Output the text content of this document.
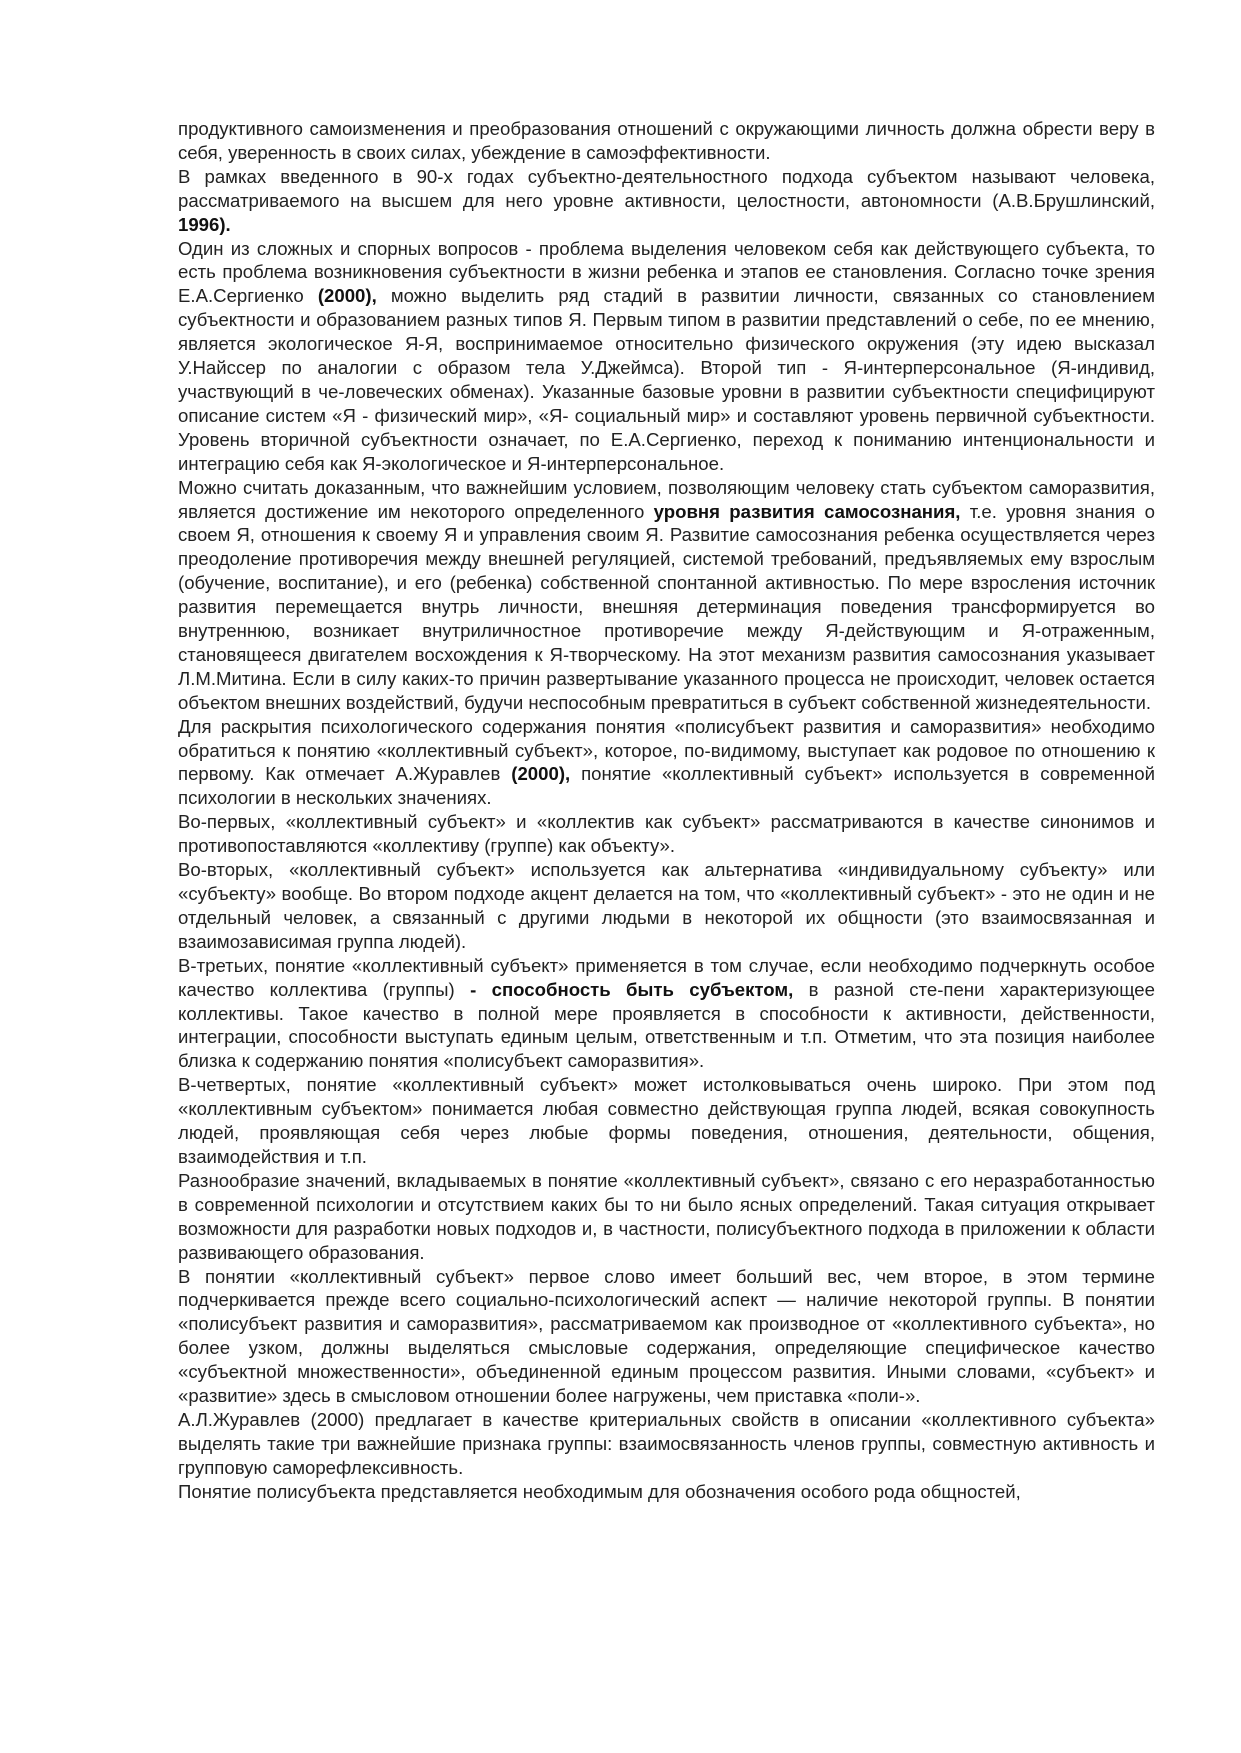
продуктивного самоизменения и преобразования отношений с окружающими личность должна обрести веру в себя, уверенность в своих силах, убеждение в самоэффективности.

В рамках введенного в 90-х годах субъектно-деятельностного подхода субъектом называют человека, рассматриваемого на высшем для него уровне активности, целостности, автономности (А.В.Брушлинский, 1996).

Один из сложных и спорных вопросов - проблема выделения человеком себя как действующего субъекта, то есть проблема возникновения субъектности в жизни ребенка и этапов ее становления. Согласно точке зрения Е.А.Сергиенко (2000), можно выделить ряд стадий в развитии личности, связанных со становлением субъектности и образованием разных типов Я. Первым типом в развитии представлений о себе, по ее мнению, является экологическое Я-Я, воспринимаемое относительно физического окружения (эту идею высказал У.Найссер по аналогии с образом тела У.Джеймса). Второй тип - Я-интерперсональное (Я-индивид, участвующий в че-ловеческих обменах). Указанные базовые уровни в развитии субъектности специфицируют описание систем «Я - физический мир», «Я- социальный мир» и составляют уровень первичной субъектности. Уровень вторичной субъектности означает, по Е.А.Сергиенко, переход к пониманию интенциональности и интеграцию себя как Я-экологическое и Я-интерперсональное.

Можно считать доказанным, что важнейшим условием, позволяющим человеку стать субъектом саморазвития, является достижение им некоторого определенного уровня развития самосознания, т.е. уровня знания о своем Я, отношения к своему Я и управления своим Я. Развитие самосознания ребенка осуществляется через преодоление противоречия между внешней регуляцией, системой требований, предъявляемых ему взрослым (обучение, воспитание), и его (ребенка) собственной спонтанной активностью. По мере взросления источник развития перемещается внутрь личности, внешняя детерминация поведения трансформируется во внутреннюю, возникает внутриличностное противоречие между Я-действующим и Я-отраженным, становящееся двигателем восхождения к Я-творческому. На этот механизм развития самосознания указывает Л.М.Митина. Если в силу каких-то причин развертывание указанного процесса не происходит, человек остается объектом внешних воздействий, будучи неспособным превратиться в субъект собственной жизнедеятельности.

Для раскрытия психологического содержания понятия «полисубъект развития и саморазвития» необходимо обратиться к понятию «коллективный субъект», которое, по-видимому, выступает как родовое по отношению к первому. Как отмечает А.Журавлев (2000), понятие «коллективный субъект» используется в современной психологии в нескольких значениях.

Во-первых, «коллективный субъект» и «коллектив как субъект» рассматриваются в качестве синонимов и противопоставляются «коллективу (группе) как объекту».

Во-вторых, «коллективный субъект» используется как альтернатива «индивидуальному субъекту» или «субъекту» вообще. Во втором подходе акцент делается на том, что «коллективный субъект» - это не один и не отдельный человек, а связанный с другими людьми в некоторой их общности (это взаимосвязанная и взаимозависимая группа людей).

В-третьих, понятие «коллективный субъект» применяется в том случае, если необходимо подчеркнуть особое качество коллектива (группы) - способность быть субъектом, в разной сте-пени характеризующее коллективы. Такое качество в полной мере проявляется в способности к активности, действенности, интеграции, способности выступать единым целым, ответственным и т.п. Отметим, что эта позиция наиболее близка к содержанию понятия «полисубъект саморазвития».

В-четвертых, понятие «коллективный субъект» может истолковываться очень широко. При этом под «коллективным субъектом» понимается любая совместно действующая группа людей, всякая совокупность людей, проявляющая себя через любые формы поведения, отношения, деятельности, общения, взаимодействия и т.п.

Разнообразие значений, вкладываемых в понятие «коллективный субъект», связано с его неразработанностью в современной психологии и отсутствием каких бы то ни было ясных определений. Такая ситуация открывает возможности для разработки новых подходов и, в частности, полисубъектного подхода в приложении к области развивающего образования.

В понятии «коллективный субъект» первое слово имеет больший вес, чем второе, в этом термине подчеркивается прежде всего социально-психологический аспект — наличие некоторой группы. В понятии «полисубъект развития и саморазвития», рассматриваемом как производное от «коллективного субъекта», но более узком, должны выделяться смысловые содержания, определяющие специфическое качество «субъектной множественности», объединенной единым процессом развития. Иными словами, «субъект» и «развитие» здесь в смысловом отношении более нагружены, чем приставка «поли-».

А.Л.Журавлев (2000) предлагает в качестве критериальных свойств в описании «коллективного субъекта» выделять такие три важнейшие признака группы: взаимосвязанность членов группы, совместную активность и групповую саморефлексивность.

Понятие полисубъекта представляется необходимым для обозначения особого рода общностей,
